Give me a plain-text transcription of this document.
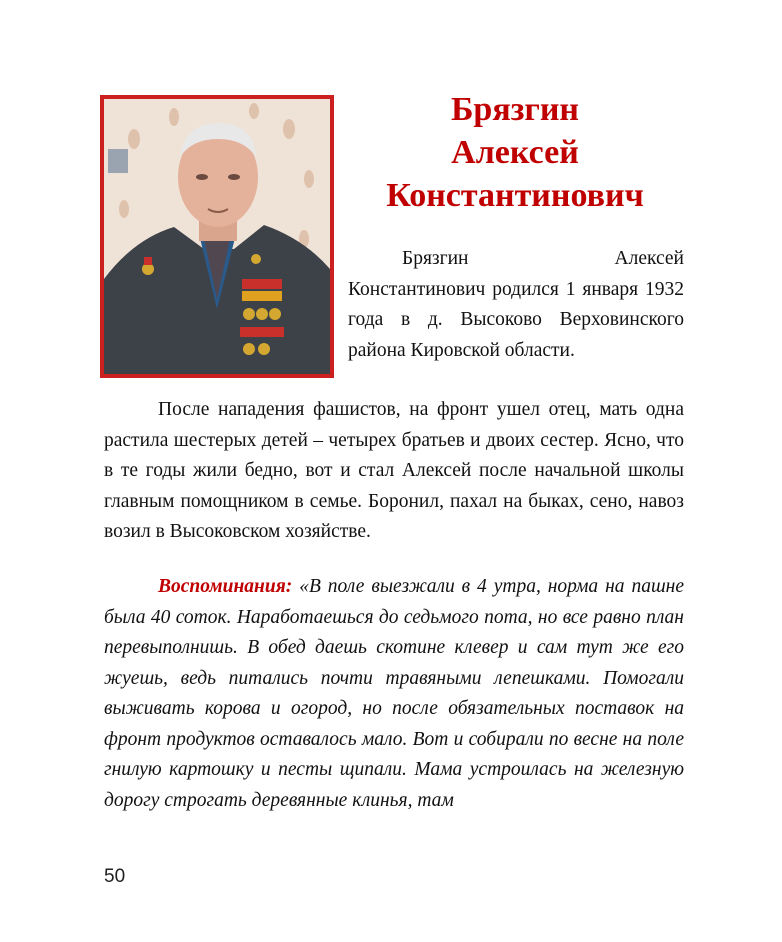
Брязгин
Алексей
Константинович

Брязгин Алексей Константинович родился 1 января 1932 года в д. Высоково Верховинского района Кировской области.

После нападения фашистов, на фронт ушел отец, мать одна растила шестерых детей – четырех братьев и двоих сестер. Ясно, что в те годы жили бедно, вот и стал Алексей после начальной школы главным помощником в семье. Боронил, пахал на быках, сено, навоз возил в Высоковском хозяйстве.

Воспоминания: «В поле выезжали в 4 утра, норма на пашне была 40 соток. Наработаешься до седьмого пота, но все равно план перевыполнишь. В обед даешь скотине клевер и сам тут же его жуешь, ведь питались почти травяными лепешками. Помогали выживать корова и огород, но после обязательных поставок на фронт продуктов оставалось мало. Вот и собирали по весне на поле гнилую картошку и песты щипали. Мама устроилась на железную дорогу строгать деревянные клинья, там

50
